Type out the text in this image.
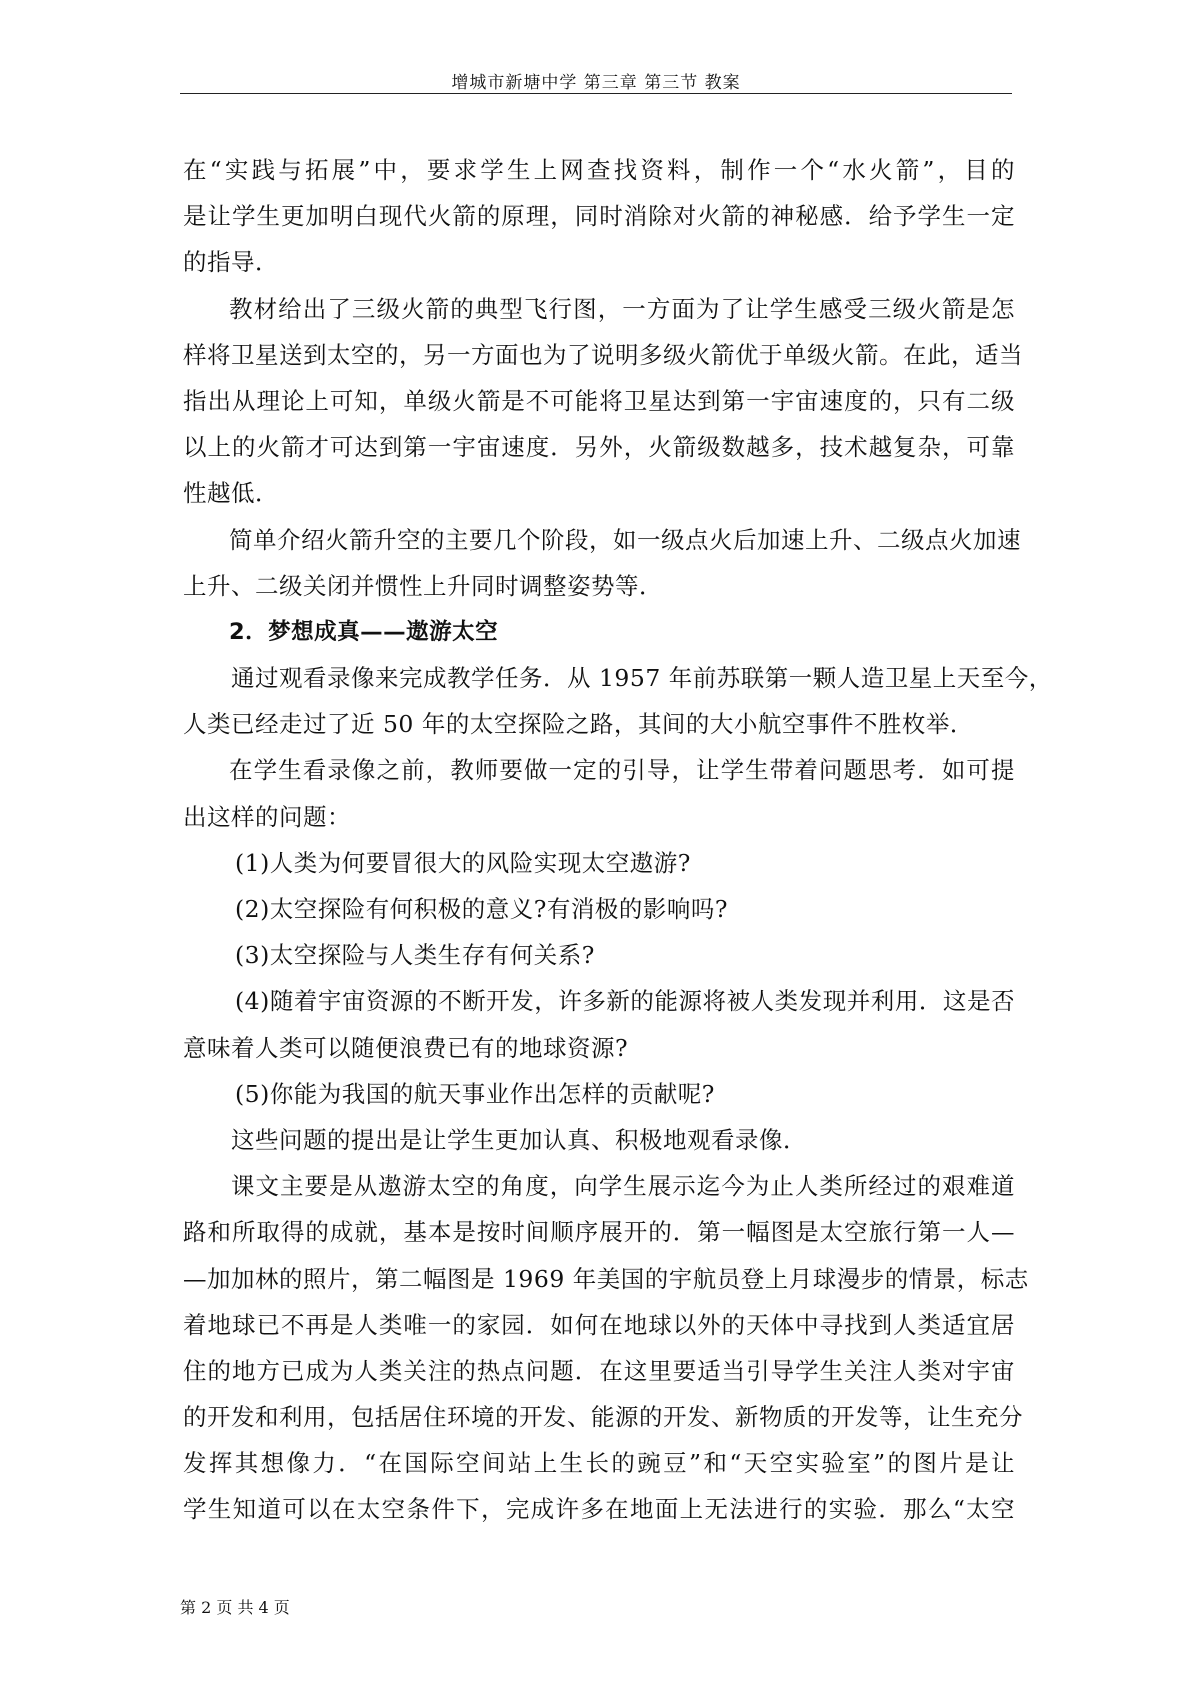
增城市新塘中学 第三章 第三节 教案
在“实践与拓展”中，要求学生上网查找资料，制作一个“水火箭”，目的
是让学生更加明白现代火箭的原理，同时消除对火箭的神秘感．给予学生一定
的指导．
教材给出了三级火箭的典型飞行图，一方面为了让学生感受三级火箭是怎
样将卫星送到太空的，另一方面也为了说明多级火箭优于单级火箭。在此，适当
指出从理论上可知，单级火箭是不可能将卫星达到第一宇宙速度的，只有二级
以上的火箭才可达到第一宇宙速度．另外，火箭级数越多，技术越复杂，可靠
性越低．
简单介绍火箭升空的主要几个阶段，如一级点火后加速上升、二级点火加速
上升、二级关闭并惯性上升同时调整姿势等．
2．梦想成真——遨游太空
通过观看录像来完成教学任务．从 1957 年前苏联第一颗人造卫星上天至今，
人类已经走过了近 50 年的太空探险之路，其间的大小航空事件不胜枚举．
在学生看录像之前，教师要做一定的引导，让学生带着问题思考．如可提
出这样的问题：
(1)人类为何要冒很大的风险实现太空遨游?
(2)太空探险有何积极的意义?有消极的影响吗?
(3)太空探险与人类生存有何关系?
(4)随着宇宙资源的不断开发，许多新的能源将被人类发现并利用．这是否
意味着人类可以随便浪费已有的地球资源?
(5)你能为我国的航天事业作出怎样的贡献呢?
这些问题的提出是让学生更加认真、积极地观看录像．
课文主要是从遨游太空的角度，向学生展示迄今为止人类所经过的艰难道
路和所取得的成就，基本是按时间顺序展开的．第一幅图是太空旅行第一人—
—加加林的照片，第二幅图是 1969 年美国的宇航员登上月球漫步的情景，标志
着地球已不再是人类唯一的家园．如何在地球以外的天体中寻找到人类适宜居
住的地方已成为人类关注的热点问题．在这里要适当引导学生关注人类对宇宙
的开发和利用，包括居住环境的开发、能源的开发、新物质的开发等，让生充分
发挥其想像力．“在国际空间站上生长的豌豆”和“天空实验室”的图片是让
学生知道可以在太空条件下，完成许多在地面上无法进行的实验．那么“太空
第 2 页 共 4 页
